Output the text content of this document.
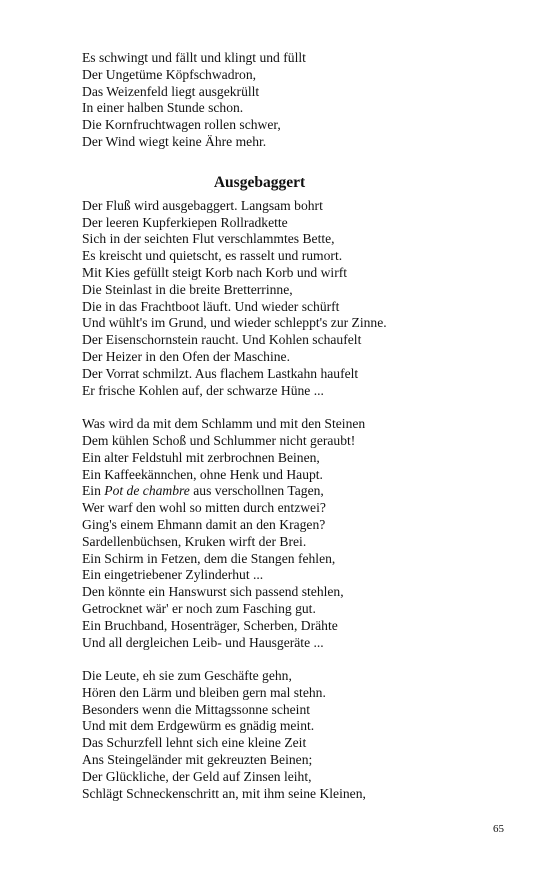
Es schwingt und fällt und klingt und füllt
Der Ungetüme Köpfschwadron,
Das Weizenfeld liegt ausgekrüllt
In einer halben Stunde schon.
Die Kornfruchtwagen rollen schwer,
Der Wind wiegt keine Ähre mehr.
Ausgebaggert
Der Fluß wird ausgebaggert. Langsam bohrt
Der leeren Kupferkiepen Rollradkette
Sich in der seichten Flut verschlammtes Bette,
Es kreischt und quietscht, es rasselt und rumort.
Mit Kies gefüllt steigt Korb nach Korb und wirft
Die Steinlast in die breite Bretterrinne,
Die in das Frachtboot läuft. Und wieder schürft
Und wühlt's im Grund, und wieder schleppt's zur Zinne.
Der Eisenschornstein raucht. Und Kohlen schaufelt
Der Heizer in den Ofen der Maschine.
Der Vorrat schmilzt. Aus flachem Lastkahn haufelt
Er frische Kohlen auf, der schwarze Hüne ...
Was wird da mit dem Schlamm und mit den Steinen
Dem kühlen Schoß und Schlummer nicht geraubt!
Ein alter Feldstuhl mit zerbrochnen Beinen,
Ein Kaffeekännchen, ohne Henk und Haupt.
Ein Pot de chambre aus verschollnen Tagen,
Wer warf den wohl so mitten durch entzwei?
Ging's einem Ehmann damit an den Kragen?
Sardellenbüchsen, Kruken wirft der Brei.
Ein Schirm in Fetzen, dem die Stangen fehlen,
Ein eingetriebener Zylinderhut ...
Den könnte ein Hanswurst sich passend stehlen,
Getrocknet wär' er noch zum Fasching gut.
Ein Bruchband, Hosenträger, Scherben, Drähte
Und all dergleichen Leib- und Hausgeräte ...
Die Leute, eh sie zum Geschäfte gehn,
Hören den Lärm und bleiben gern mal stehn.
Besonders wenn die Mittagssonne scheint
Und mit dem Erdgewürm es gnädig meint.
Das Schurzfell lehnt sich eine kleine Zeit
Ans Steingeländer mit gekreuzten Beinen;
Der Glückliche, der Geld auf Zinsen leiht,
Schlägt Schneckenschritt an, mit ihm seine Kleinen,
65
